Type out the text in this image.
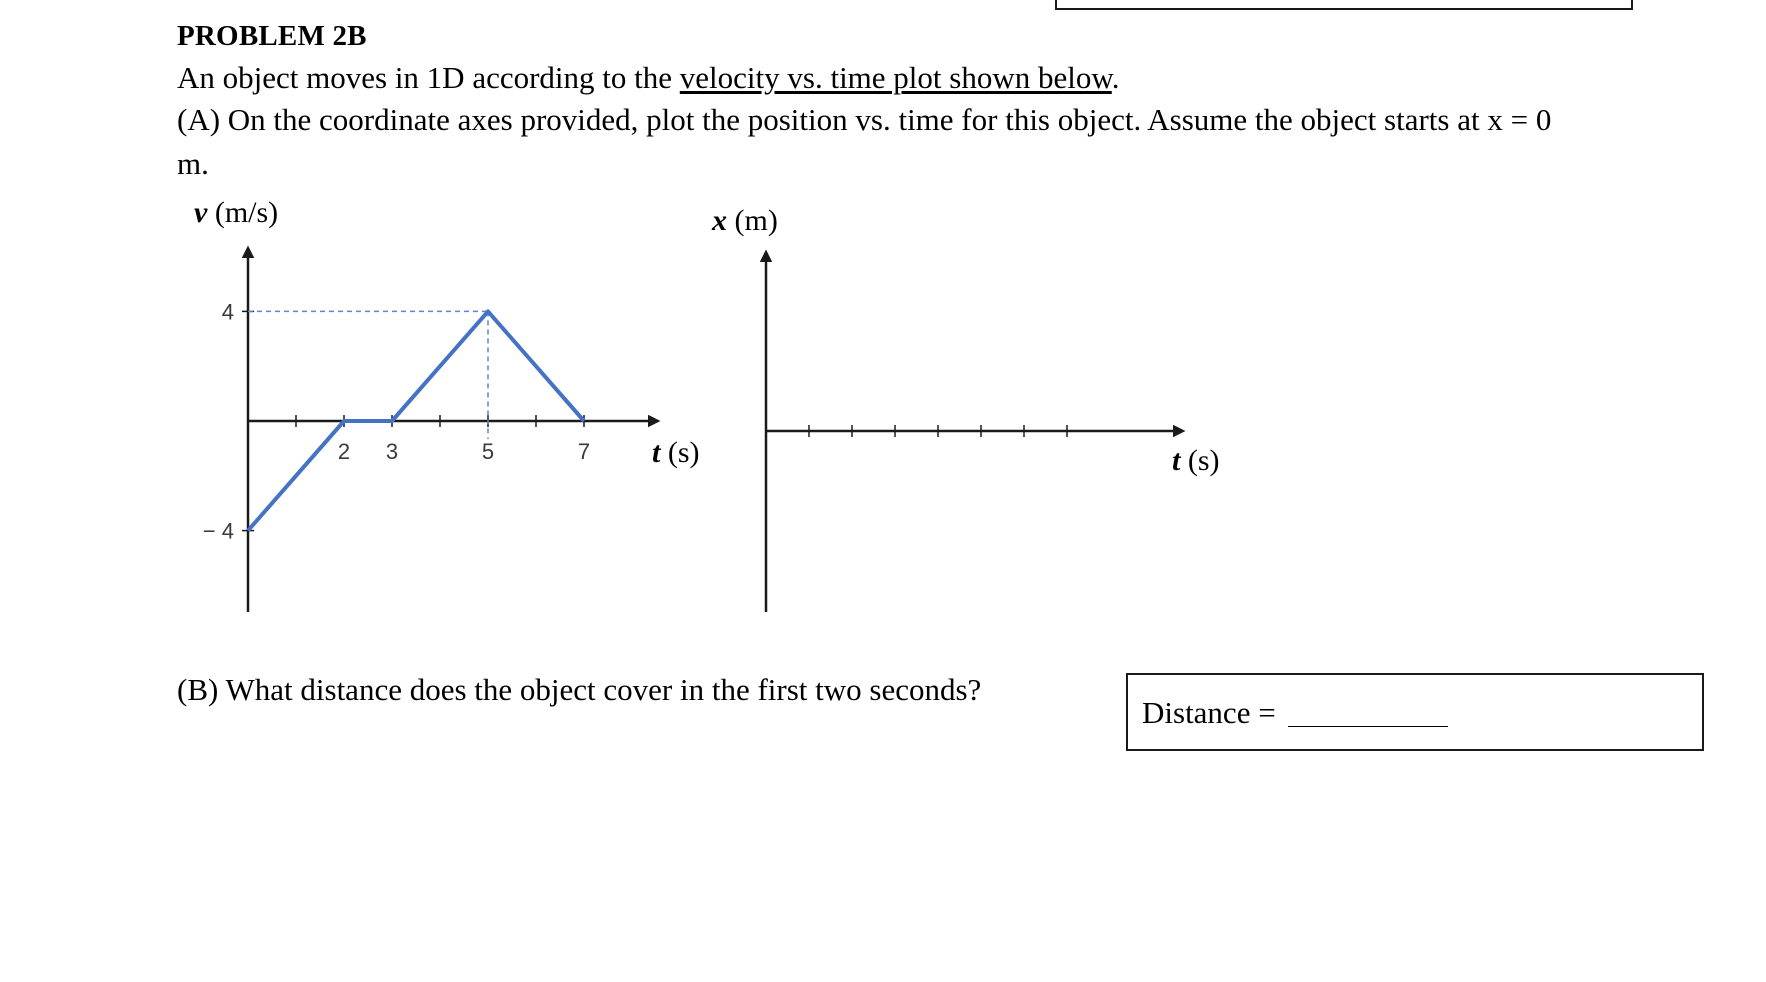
PROBLEM 2B
An object moves in 1D according to the velocity vs. time plot shown below.
(A) On the coordinate axes provided, plot the position vs. time for this object. Assume the object starts at x = 0
m.
v (m/s)
2 3	5	7
4
− 4
t (s)
x (m)
t (s)
(B) What distance does the object cover in the first two seconds?
Distance =
